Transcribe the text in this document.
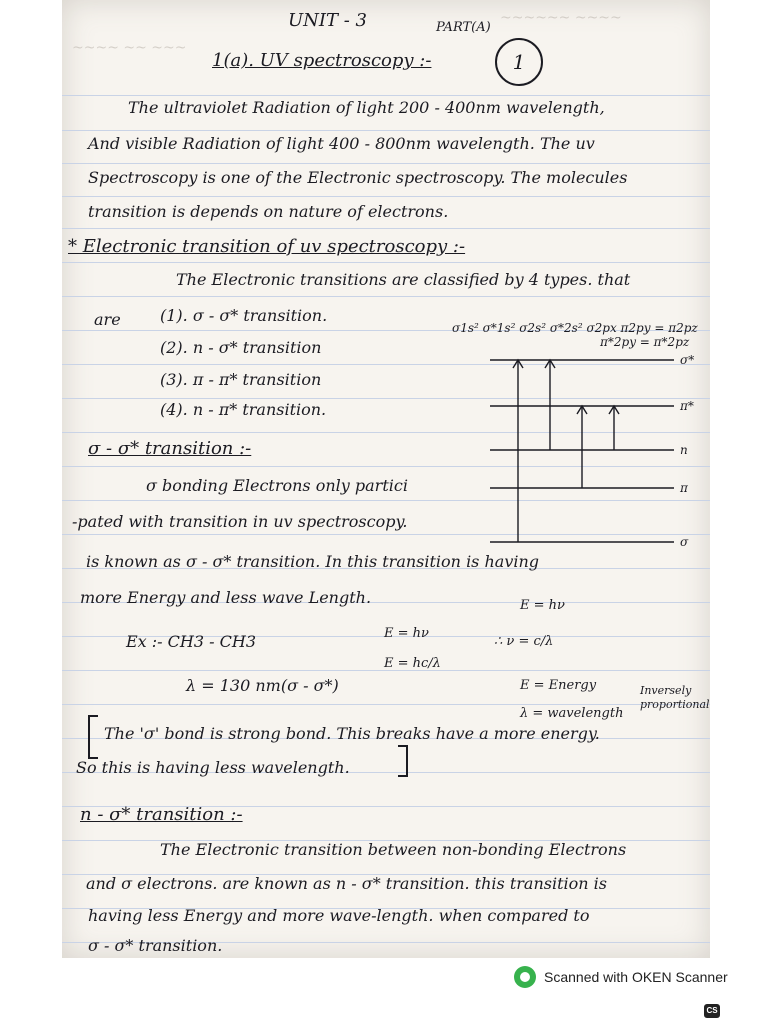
~~~~ ~~ ~~~
~~~~~~ ~~~~
UNIT - 3	PART(A)
1
1(a). UV spectroscopy :-
The ultraviolet Radiation of light 200 - 400nm wavelength,
And visible Radiation of light 400 - 800nm wavelength. The uv
Spectroscopy is one of the Electronic spectroscopy. The molecules
transition is depends on nature of electrons.
* Electronic transition of uv spectroscopy :-
The Electronic transitions are classified by 4 types. that
are (1). σ - σ* transition.
(2). n - σ* transition
(3). π - π* transition
(4). n - π* transition.
σ1s² σ*1s² σ2s² σ*2s² σ2px π2py = π2pz
π*2py = π*2pz
σ*
π*
n
π
σ
σ - σ* transition :-
σ bonding Electrons only partici
-pated with transition in uv spectroscopy.
is known as σ - σ* transition. In this transition is having
more Energy and less wave Length.	E = hν
Ex :- CH3 - CH3	E = hν
∴ ν = c/λ
E = hc/λ
λ = 130 nm(σ - σ*)	E = Energy
λ = wavelength
Inversely proportional
The 'σ' bond is strong bond. This breaks have a more energy.
So this is having less wavelength.
n - σ* transition :-
The Electronic transition between non-bonding Electrons
and σ electrons. are known as n - σ* transition. this transition is
having less Energy and more wave-length. when compared to
σ - σ* transition.
Scanned with OKEN Scanner
CS
